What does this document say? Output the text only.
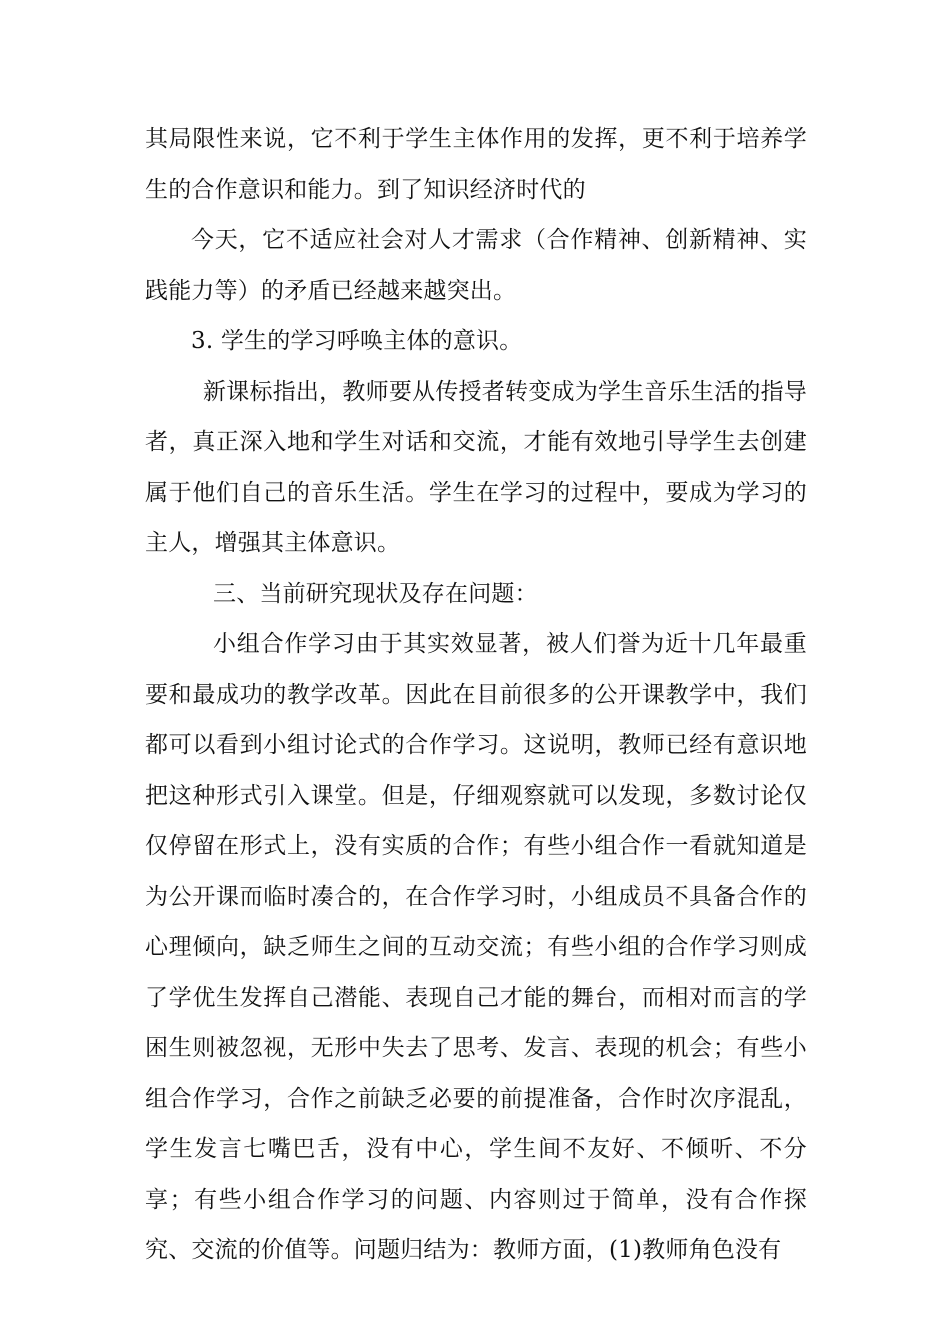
其局限性来说，它不利于学生主体作用的发挥，更不利于培养学生的合作意识和能力。到了知识经济时代的

今天，它不适应社会对人才需求（合作精神、创新精神、实践能力等）的矛盾已经越来越突出。

3. 学生的学习呼唤主体的意识。

新课标指出，教师要从传授者转变成为学生音乐生活的指导者，真正深入地和学生对话和交流，才能有效地引导学生去创建属于他们自己的音乐生活。学生在学习的过程中，要成为学习的主人，增强其主体意识。

三、当前研究现状及存在问题：

小组合作学习由于其实效显著，被人们誉为近十几年最重要和最成功的教学改革。因此在目前很多的公开课教学中，我们都可以看到小组讨论式的合作学习。这说明，教师已经有意识地把这种形式引入课堂。但是，仔细观察就可以发现，多数讨论仅仅停留在形式上，没有实质的合作；有些小组合作一看就知道是为公开课而临时凑合的，在合作学习时，小组成员不具备合作的心理倾向，缺乏师生之间的互动交流；有些小组的合作学习则成了学优生发挥自己潜能、表现自己才能的舞台，而相对而言的学困生则被忽视，无形中失去了思考、发言、表现的机会；有些小组合作学习，合作之前缺乏必要的前提准备，合作时次序混乱，学生发言七嘴巴舌，没有中心，学生间不友好、不倾听、不分享；有些小组合作学习的问题、内容则过于简单，没有合作探究、交流的价值等。问题归结为：教师方面，(1)教师角色没有
